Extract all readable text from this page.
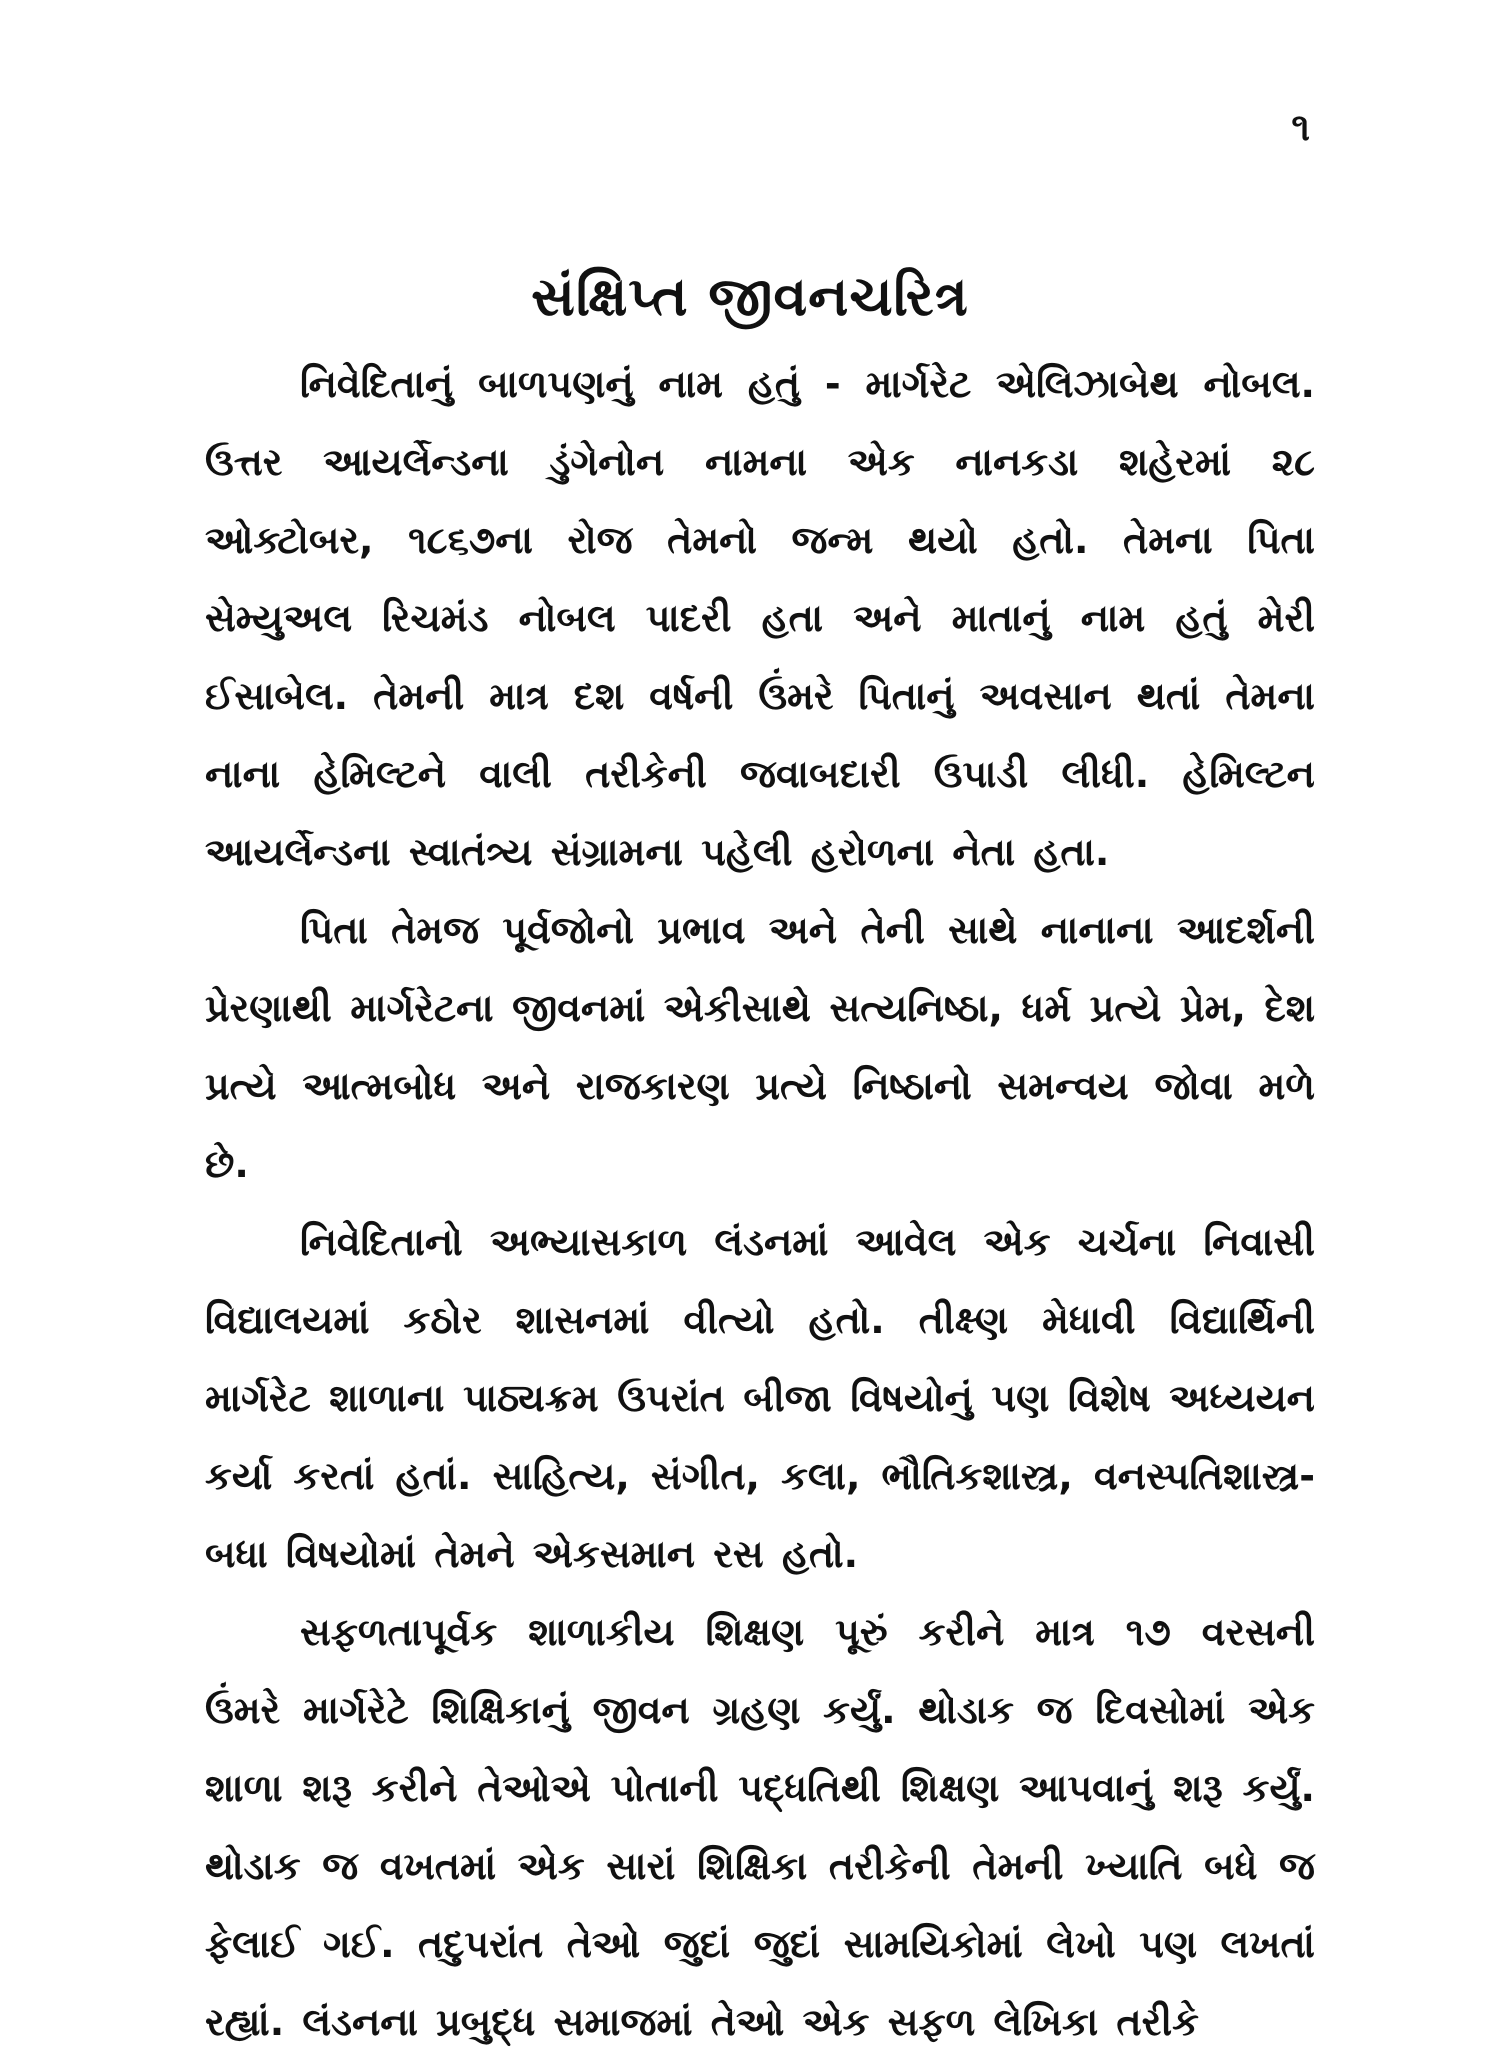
૧
સંક્ષિપ્ત જીવનચરિત્ર

નિવેદિતાનું બાળપણનું નામ હતું - માર્ગરેટ એલિઝાબેથ નોબલ. ઉત્તર આયર્લેન્ડના ડુંગેનોન નામના એક નાનકડા શહેરમાં ૨૮ ઓક્ટોબર, ૧૮૬૭ના રોજ તેમનો જન્મ થયો હતો. તેમના પિતા સેમ્યુઅલ રિચમંડ નોબલ પાદરી હતા અને માતાનું નામ હતું મેરી ઈસાબેલ. તેમની માત્ર દશ વર્ષની ઉંમરે પિતાનું અવસાન થતાં તેમના નાના હેમિલ્ટને વાલી તરીકેની જવાબદારી ઉપાડી લીધી. હેમિલ્ટન આયર્લેન્ડના સ્વાતંત્ર્ય સંગ્રામના પહેલી હરોળના નેતા હતા.

પિતા તેમજ પૂર્વજોનો પ્રભાવ અને તેની સાથે નાનાના આદર્શની પ્રેરણાથી માર્ગરેટના જીવનમાં એકીસાથે સત્યનિષ્ઠા, ધર્મ પ્રત્યે પ્રેમ, દેશ પ્રત્યે આત્મબોધ અને રાજકારણ પ્રત્યે નિષ્ઠાનો સમન્વય જોવા મળે છે.

નિવેદિતાનો અભ્યાસકાળ લંડનમાં આવેલ એક ચર્ચના નિવાસી વિદ્યાલયમાં કઠોર શાસનમાં વીત્યો હતો. તીક્ષ્ણ મેધાવી વિદ્યાર્થિની માર્ગરેટ શાળાના પાઠ્યક્રમ ઉપરાંત બીજા વિષયોનું પણ વિશેષ અધ્યયન કર્યા કરતાં હતાં. સાહિત્ય, સંગીત, કલા, ભૌતિકશાસ્ત્ર, વનસ્પતિશાસ્ત્ર-બધા વિષયોમાં તેમને એકસમાન રસ હતો.

સફળતાપૂર્વક શાળાકીય શિક્ષણ પૂરું કરીને માત્ર ૧૭ વરસની ઉંમરે માર્ગરેટે શિક્ષિકાનું જીવન ગ્રહણ કર્યું. થોડાક જ દિવસોમાં એક શાળા શરૂ કરીને તેઓએ પોતાની પદ્ધતિથી શિક્ષણ આપવાનું શરૂ કર્યું. થોડાક જ વખતમાં એક સારાં શિક્ષિકા તરીકેની તેમની ખ્યાતિ બધે જ ફેલાઈ ગઈ. તદુપરાંત તેઓ જુદાં જુદાં સામયિકોમાં લેખો પણ લખતાં રહ્યાં. લંડનના પ્રબુદ્ધ સમાજમાં તેઓ એક સફળ લેખિકા તરીકે
